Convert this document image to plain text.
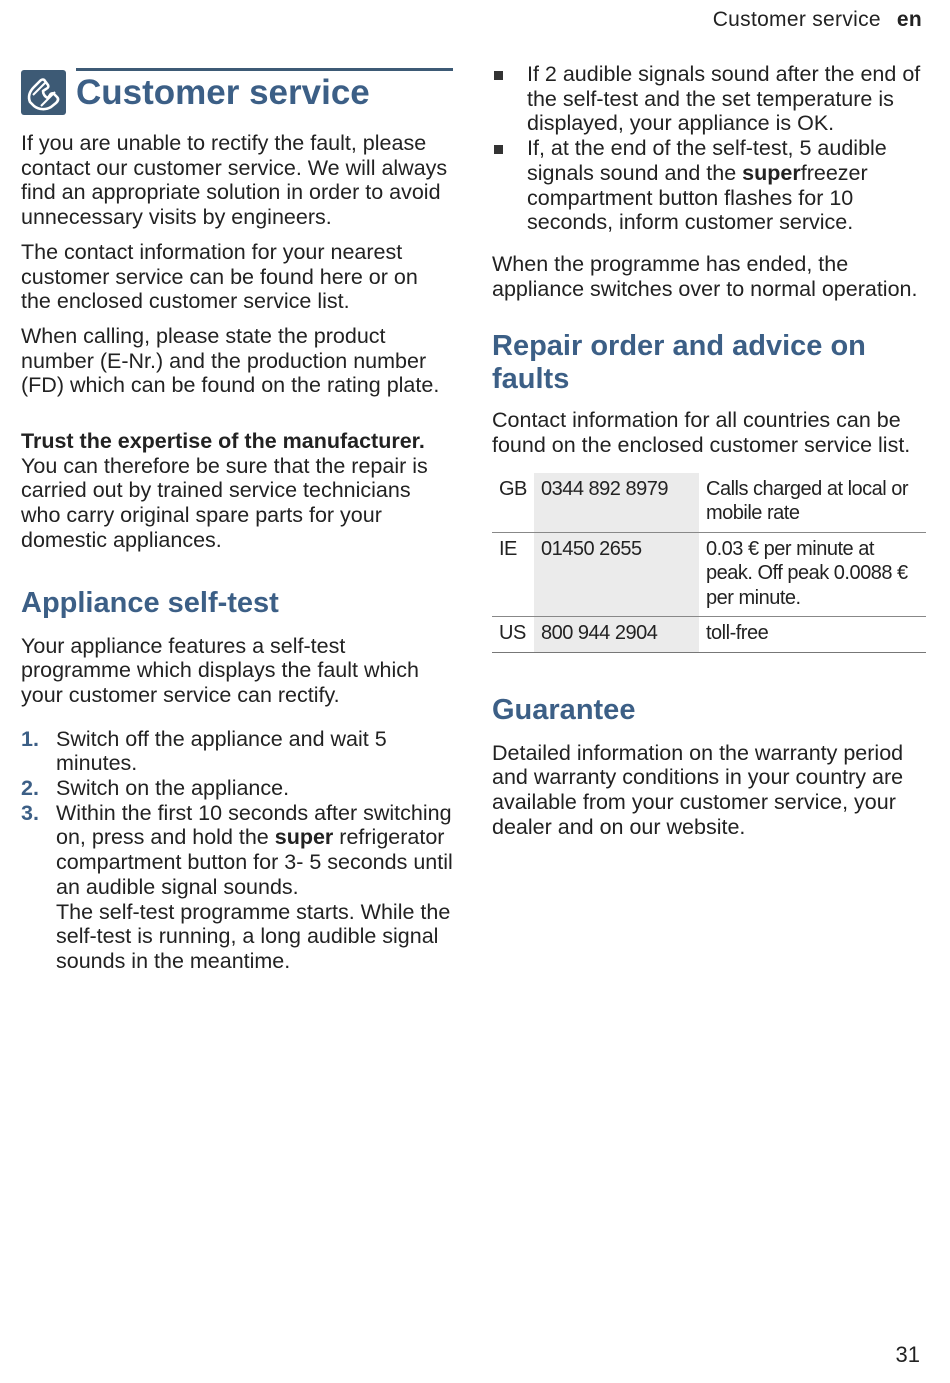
Customer service en
Customer service

If you are unable to rectify the fault, please contact our customer service. We will always find an appropriate solution in order to avoid unnecessary visits by engineers.

The contact information for your nearest customer service can be found here or on the enclosed customer service list.

When calling, please state the product number (E-Nr.) and the production number (FD) which can be found on the rating plate.

Trust the expertise of the manufacturer. You can therefore be sure that the repair is carried out by trained service technicians who carry original spare parts for your domestic appliances.

Appliance self-test

Your appliance features a self-test programme which displays the fault which your customer service can rectify.

1. Switch off the appliance and wait 5 minutes.
2. Switch on the appliance.
3. Within the first 10 seconds after switching on, press and hold the super refrigerator compartment button for 3- 5 seconds until an audible signal sounds.
The self-test programme starts. While the self-test is running, a long audible signal sounds in the meantime.
If 2 audible signals sound after the end of the self-test and the set temperature is displayed, your appliance is OK.
If, at the end of the self-test, 5 audible signals sound and the superfreezer compartment button flashes for 10 seconds, inform customer service.

When the programme has ended, the appliance switches over to normal operation.

Repair order and advice on faults

Contact information for all countries can be found on the enclosed customer service list.

GB	0344 892 8979	Calls charged at local or mobile rate
IE	01450 2655	0.03 € per minute at peak. Off peak 0.0088 € per minute.
US	800 944 2904	toll-free
Guarantee

Detailed information on the warranty period and warranty conditions in your country are available from your customer service, your dealer and on our website.

31
